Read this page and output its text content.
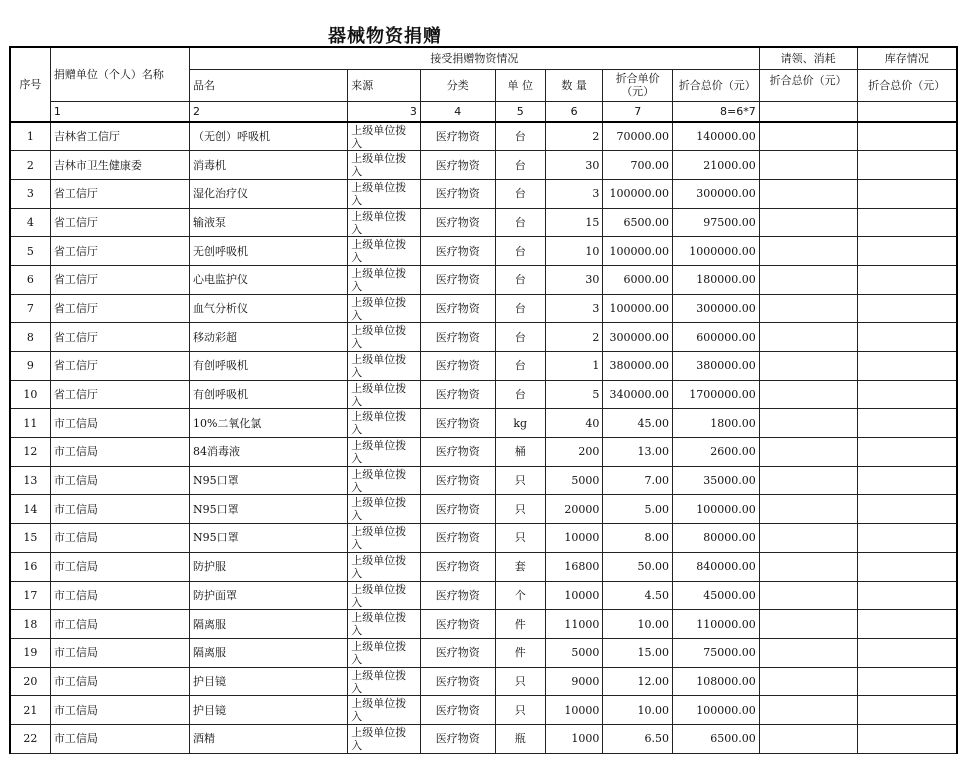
器械物资捐赠
序号	捐赠单位（个人）名称	接受捐赠物资情况							请领、消耗	库存情况
		品名	来源	分类	单 位	数 量	折合单价（元）	折合总价（元）	折合总价（元）	折合总价（元）
	1	2	3	4	5	6	7	8=6*7		
1	吉林省工信厅	（无创）呼吸机	上级单位拨入	医疗物资	台	2	70000.00	140000.00		
2	吉林市卫生健康委	消毒机	上级单位拨入	医疗物资	台	30	700.00	21000.00		
3	省工信厅	湿化治疗仪	上级单位拨入	医疗物资	台	3	100000.00	300000.00		
4	省工信厅	输液泵	上级单位拨入	医疗物资	台	15	6500.00	97500.00		
5	省工信厅	无创呼吸机	上级单位拨入	医疗物资	台	10	100000.00	1000000.00		
6	省工信厅	心电监护仪	上级单位拨入	医疗物资	台	30	6000.00	180000.00		
7	省工信厅	血气分析仪	上级单位拨入	医疗物资	台	3	100000.00	300000.00		
8	省工信厅	移动彩超	上级单位拨入	医疗物资	台	2	300000.00	600000.00		
9	省工信厅	有创呼吸机	上级单位拨入	医疗物资	台	1	380000.00	380000.00		
10	省工信厅	有创呼吸机	上级单位拨入	医疗物资	台	5	340000.00	1700000.00		
11	市工信局	10%二氧化氯	上级单位拨入	医疗物资	kg	40	45.00	1800.00		
12	市工信局	84消毒液	上级单位拨入	医疗物资	桶	200	13.00	2600.00		
13	市工信局	N95口罩	上级单位拨入	医疗物资	只	5000	7.00	35000.00		
14	市工信局	N95口罩	上级单位拨入	医疗物资	只	20000	5.00	100000.00		
15	市工信局	N95口罩	上级单位拨入	医疗物资	只	10000	8.00	80000.00		
16	市工信局	防护服	上级单位拨入	医疗物资	套	16800	50.00	840000.00		
17	市工信局	防护面罩	上级单位拨入	医疗物资	个	10000	4.50	45000.00		
18	市工信局	隔离服	上级单位拨入	医疗物资	件	11000	10.00	110000.00		
19	市工信局	隔离服	上级单位拨入	医疗物资	件	5000	15.00	75000.00		
20	市工信局	护目镜	上级单位拨入	医疗物资	只	9000	12.00	108000.00		
21	市工信局	护目镜	上级单位拨入	医疗物资	只	10000	10.00	100000.00		
22	市工信局	酒精	上级单位拨入	医疗物资	瓶	1000	6.50	6500.00		
